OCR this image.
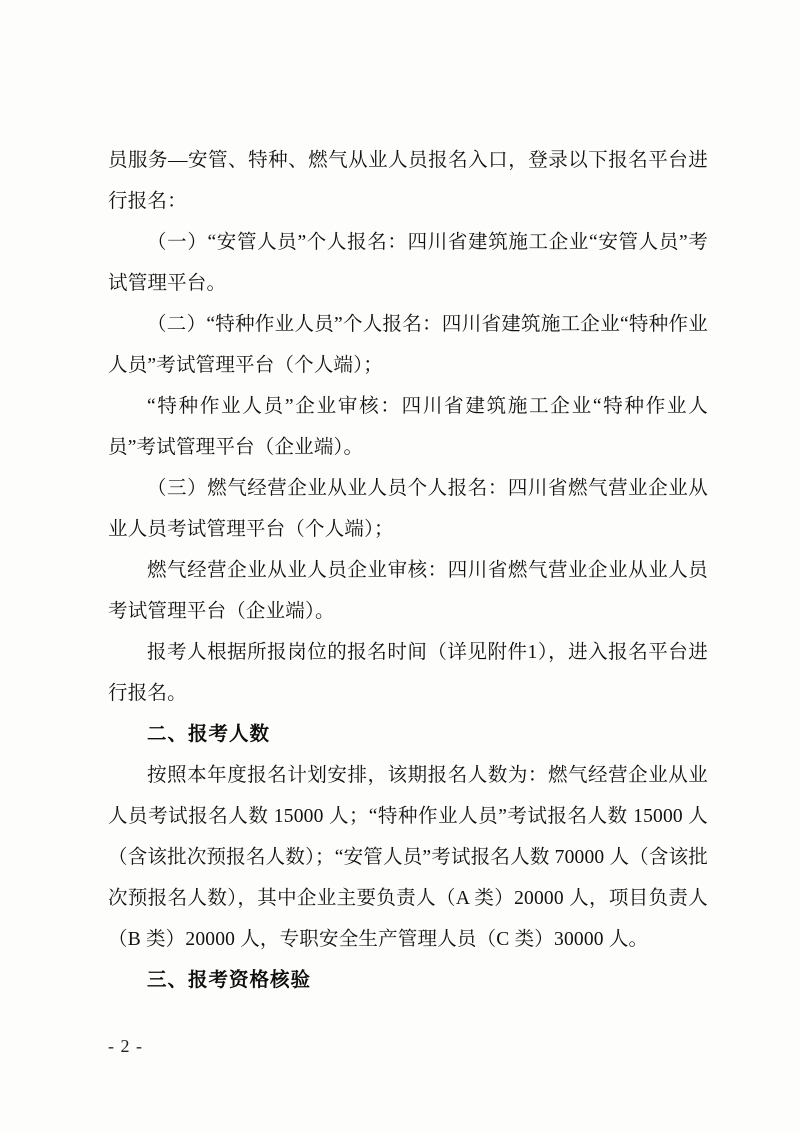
员服务—安管、特种、燃气从业人员报名入口，登录以下报名平台进行报名：

（一）“安管人员”个人报名：四川省建筑施工企业“安管人员”考试管理平台。

（二）“特种作业人员”个人报名：四川省建筑施工企业“特种作业人员”考试管理平台（个人端）；

“特种作业人员”企业审核：四川省建筑施工企业“特种作业人员”考试管理平台（企业端）。

（三）燃气经营企业从业人员个人报名：四川省燃气营业企业从业人员考试管理平台（个人端）；

燃气经营企业从业人员企业审核：四川省燃气营业企业从业人员考试管理平台（企业端）。

报考人根据所报岗位的报名时间（详见附件1），进入报名平台进行报名。

二、报考人数

按照本年度报名计划安排，该期报名人数为：燃气经营企业从业人员考试报名人数 15000 人；“特种作业人员”考试报名人数 15000 人（含该批次预报名人数）；“安管人员”考试报名人数 70000 人（含该批次预报名人数），其中企业主要负责人（A 类）20000 人，项目负责人（B 类）20000 人，专职安全生产管理人员（C 类）30000 人。

三、报考资格核验
- 2 -
